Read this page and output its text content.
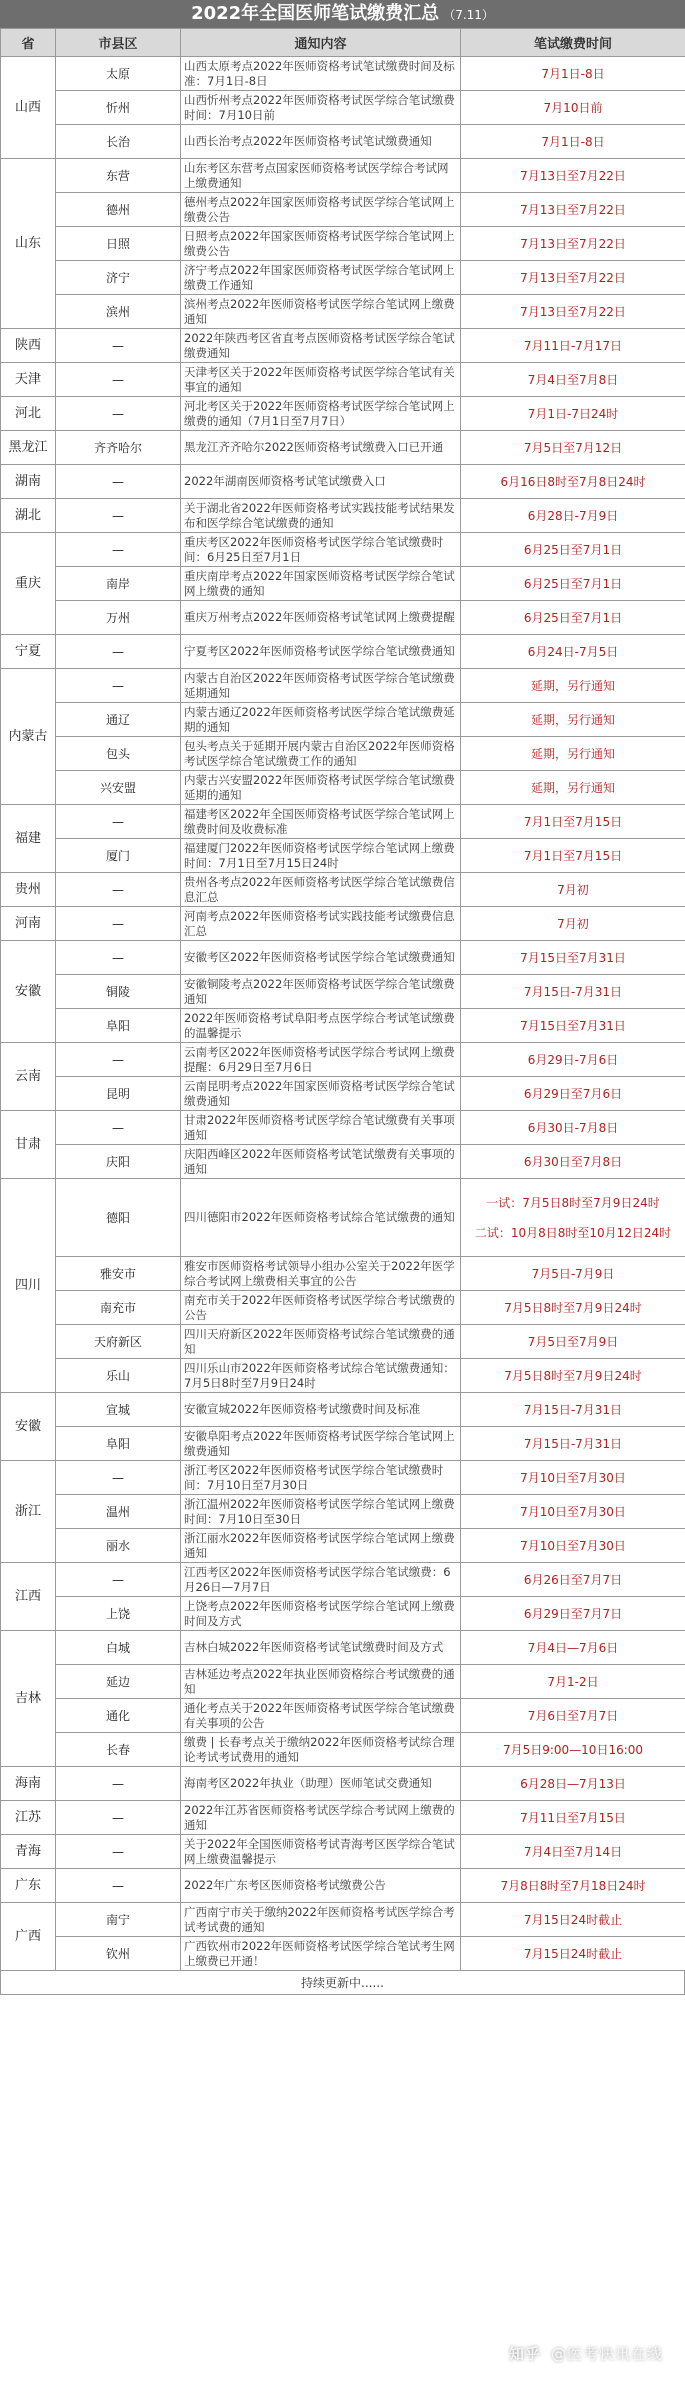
2022年全国医师笔试缴费汇总 （7.11）
省	市县区	通知内容	笔试缴费时间
山西	太原	山西太原考点2022年医师资格考试笔试缴费时间及标准：7月1日-8日	7月1日-8日
	忻州	山西忻州考点2022年医师资格考试医学综合笔试缴费时间：7月10日前	7月10日前
	长治	山西长治考点2022年医师资格考试笔试缴费通知	7月1日-8日
山东	东营	山东考区东营考点国家医师资格考试医学综合考试网上缴费通知	7月13日至7月22日
	德州	德州考点2022年国家医师资格考试医学综合笔试网上缴费公告	7月13日至7月22日
	日照	日照考点2022年国家医师资格考试医学综合笔试网上缴费公告	7月13日至7月22日
	济宁	济宁考点2022年国家医师资格考试医学综合笔试网上缴费工作通知	7月13日至7月22日
	滨州	滨州考点2022年医师资格考试医学综合笔试网上缴费通知	7月13日至7月22日
陕西	—	2022年陕西考区省直考点医师资格考试医学综合笔试缴费通知	7月11日-7月17日
天津	—	天津考区关于2022年医师资格考试医学综合笔试有关事宜的通知	7月4日至7月8日
河北	—	河北考区关于2022年医师资格考试医学综合笔试网上缴费的通知（7月1日至7月7日）	7月1日-7日24时
黑龙江	齐齐哈尔	黑龙江齐齐哈尔2022医师资格考试缴费入口已开通	7月5日至7月12日
湖南	—	2022年湖南医师资格考试笔试缴费入口	6月16日8时至7月8日24时
湖北	—	关于湖北省2022年医师资格考试实践技能考试结果发布和医学综合笔试缴费的通知	6月28日-7月9日
重庆	—	重庆考区2022年医师资格考试医学综合笔试缴费时间：6月25日至7月1日	6月25日至7月1日
	南岸	重庆南岸考点2022年国家医师资格考试医学综合笔试网上缴费的通知	6月25日至7月1日
	万州	重庆万州考点2022年医师资格考试笔试网上缴费提醒	6月25日至7月1日
宁夏	—	宁夏考区2022年医师资格考试医学综合笔试缴费通知	6月24日-7月5日
内蒙古	—	内蒙古自治区2022年医师资格考试医学综合笔试缴费延期通知	延期，另行通知
	通辽	内蒙古通辽2022年医师资格考试医学综合笔试缴费延期的通知	延期，另行通知
	包头	包头考点关于延期开展内蒙古自治区2022年医师资格考试医学综合笔试缴费工作的通知	延期，另行通知
	兴安盟	内蒙古兴安盟2022年医师资格考试医学综合笔试缴费延期的通知	延期，另行通知
福建	—	福建考区2022年全国医师资格考试医学综合笔试网上缴费时间及收费标准	7月1日至7月15日
	厦门	福建厦门2022年医师资格考试医学综合笔试网上缴费时间：7月1日至7月15日24时	7月1日至7月15日
贵州	—	贵州各考点2022年医师资格考试医学综合笔试缴费信息汇总	7月初
河南	—	河南考点2022年医师资格考试实践技能考试缴费信息汇总	7月初
安徽	—	安徽考区2022年医师资格考试医学综合笔试缴费通知	7月15日至7月31日
	铜陵	安徽铜陵考点2022年医师资格考试医学综合笔试缴费通知	7月15日-7月31日
	阜阳	2022年医师资格考试阜阳考点医学综合考试笔试缴费的温馨提示	7月15日至7月31日
云南	—	云南考区2022年医师资格考试医学综合考试网上缴费提醒：6月29日至7月6日	6月29日-7月6日
	昆明	云南昆明考点2022年国家医师资格考试医学综合笔试缴费通知	6月29日至7月6日
甘肃	—	甘肃2022年医师资格考试医学综合笔试缴费有关事项通知	6月30日-7月8日
	庆阳	庆阳西峰区2022年医师资格考试笔试缴费有关事项的通知	6月30日至7月8日
四川	德阳	四川德阳市2022年医师资格考试综合笔试缴费的通知	一试：7月5日8时至7月9日24时
二试：10月8日8时至10月12日24时

	雅安市	雅安市医师资格考试领导小组办公室关于2022年医学综合考试网上缴费相关事宜的公告	7月5日-7月9日
	南充市	南充市关于2022年医师资格考试医学综合考试缴费的公告	7月5日8时至7月9日24时
	天府新区	四川天府新区2022年医师资格考试综合笔试缴费的通知	7月5日至7月9日
	乐山	四川乐山市2022年医师资格考试综合笔试缴费通知：7月5日8时至7月9日24时	7月5日8时至7月9日24时
安徽	宣城	安徽宣城2022年医师资格考试缴费时间及标准	7月15日-7月31日
	阜阳	安徽阜阳考点2022年医师资格考试医学综合笔试网上缴费通知	7月15日-7月31日
浙江	—	浙江考区2022年医师资格考试医学综合笔试缴费时间：7月10日至7月30日	7月10日至7月30日
	温州	浙江温州2022年医师资格考试医学综合笔试网上缴费时间：7月10日至30日	7月10日至7月30日
	丽水	浙江丽水2022年医师资格考试医学综合笔试网上缴费通知	7月10日至7月30日
江西	—	江西考区2022年医师资格考试医学综合笔试缴费：6月26日—7月7日	6月26日至7月7日
	上饶	上饶考点2022年医师资格考试医学综合笔试网上缴费时间及方式	6月29日至7月7日
吉林	白城	吉林白城2022年医师资格考试笔试缴费时间及方式	7月4日—7月6日
	延边	吉林延边考点2022年执业医师资格综合考试缴费的通知	7月1-2日
	通化	通化考点关于2022年医师资格考试医学综合笔试缴费有关事项的公告	7月6日至7月7日
	长春	缴费 | 长春考点关于缴纳2022年医师资格考试综合理论考试考试费用的通知	7月5日9:00—10日16:00
海南	—	海南考区2022年执业（助理）医师笔试交费通知	6月28日—7月13日
江苏	—	2022年江苏省医师资格考试医学综合考试网上缴费的通知	7月11日至7月15日
青海	—	关于2022年全国医师资格考试青海考区医学综合笔试网上缴费温馨提示	7月4日至7月14日
广东	—	2022年广东考区医师资格考试缴费公告	7月8日8时至7月18日24时
广西	南宁	广西南宁市关于缴纳2022年医师资格考试医学综合考试考试费的通知	7月15日24时截止
	钦州	广西钦州市2022年医师资格考试医学综合笔试考生网上缴费已开通！	7月15日24时截止
持续更新中......
知乎 @医考快讯在线
